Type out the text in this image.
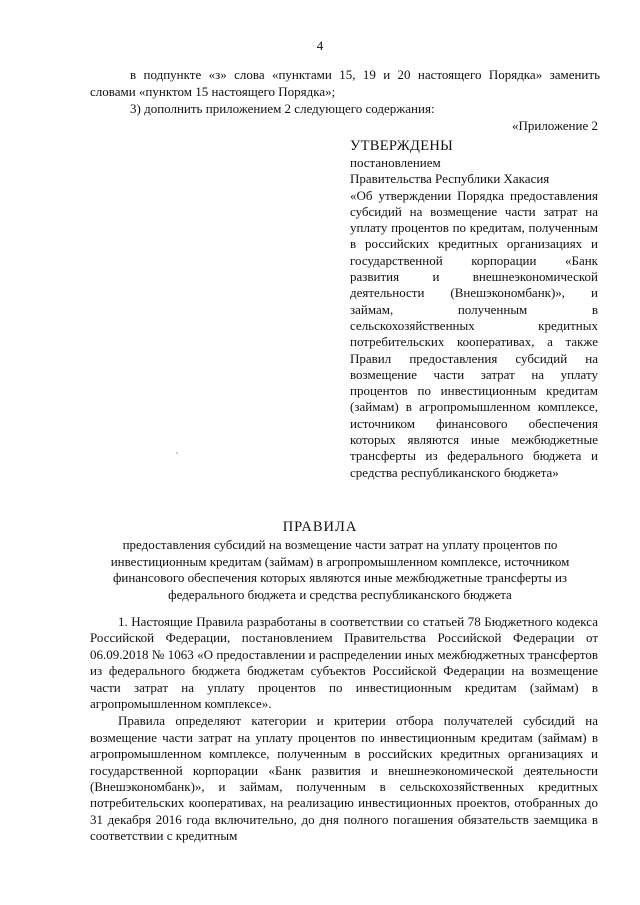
4

в подпункте «з» слова «пунктами 15, 19 и 20 настоящего Порядка» заменить словами «пунктом 15 настоящего Порядка»;

3) дополнить приложением 2 следующего содержания:

«Приложение 2
УТВЕРЖДЕНЫ

постановлением

Правительства Республики Хакасия

«Об утверждении Порядка предоставления субсидий на возмещение части затрат на уплату процентов по кредитам, полученным в российских кредитных организациях и государственной корпорации «Банк развития и внешнеэкономической деятельности (Внешэкономбанк)», и займам, полученным в сельскохозяйственных кредитных потребительских кооперативах, а также Правил предоставления субсидий на возмещение части затрат на уплату процентов по инвестиционным кредитам (займам) в агропромышленном комплексе, источником финансового обеспечения которых являются иные межбюджетные трансферты из федерального бюджета и средства республиканского бюджета»

ПРАВИЛА
предоставления субсидий на возмещение части затрат на уплату процентов по инвестиционным кредитам (займам) в агропромышленном комплексе, источником финансового обеспечения которых являются иные межбюджетные трансферты из федерального бюджета и средства республиканского бюджета

1. Настоящие Правила разработаны в соответствии со статьей 78 Бюджетного кодекса Российской Федерации, постановлением Правительства Российской Федерации от 06.09.2018 № 1063 «О предоставлении и распределении иных межбюджетных трансфертов из федерального бюджета бюджетам субъектов Российской Федерации на возмещение части затрат на уплату процентов по инвестиционным кредитам (займам) в агропромышленном комплексе».

Правила определяют категории и критерии отбора получателей субсидий на возмещение части затрат на уплату процентов по инвестиционным кредитам (займам) в агропромышленном комплексе, полученным в российских кредитных организациях и государственной корпорации «Банк развития и внешнеэкономической деятельности (Внешэкономбанк)», и займам, полученным в сельскохозяйственных кредитных потребительских кооперативах, на реализацию инвестиционных проектов, отобранных до 31 декабря 2016 года включительно, до дня полного погашения обязательств заемщика в соответствии с кредитным
